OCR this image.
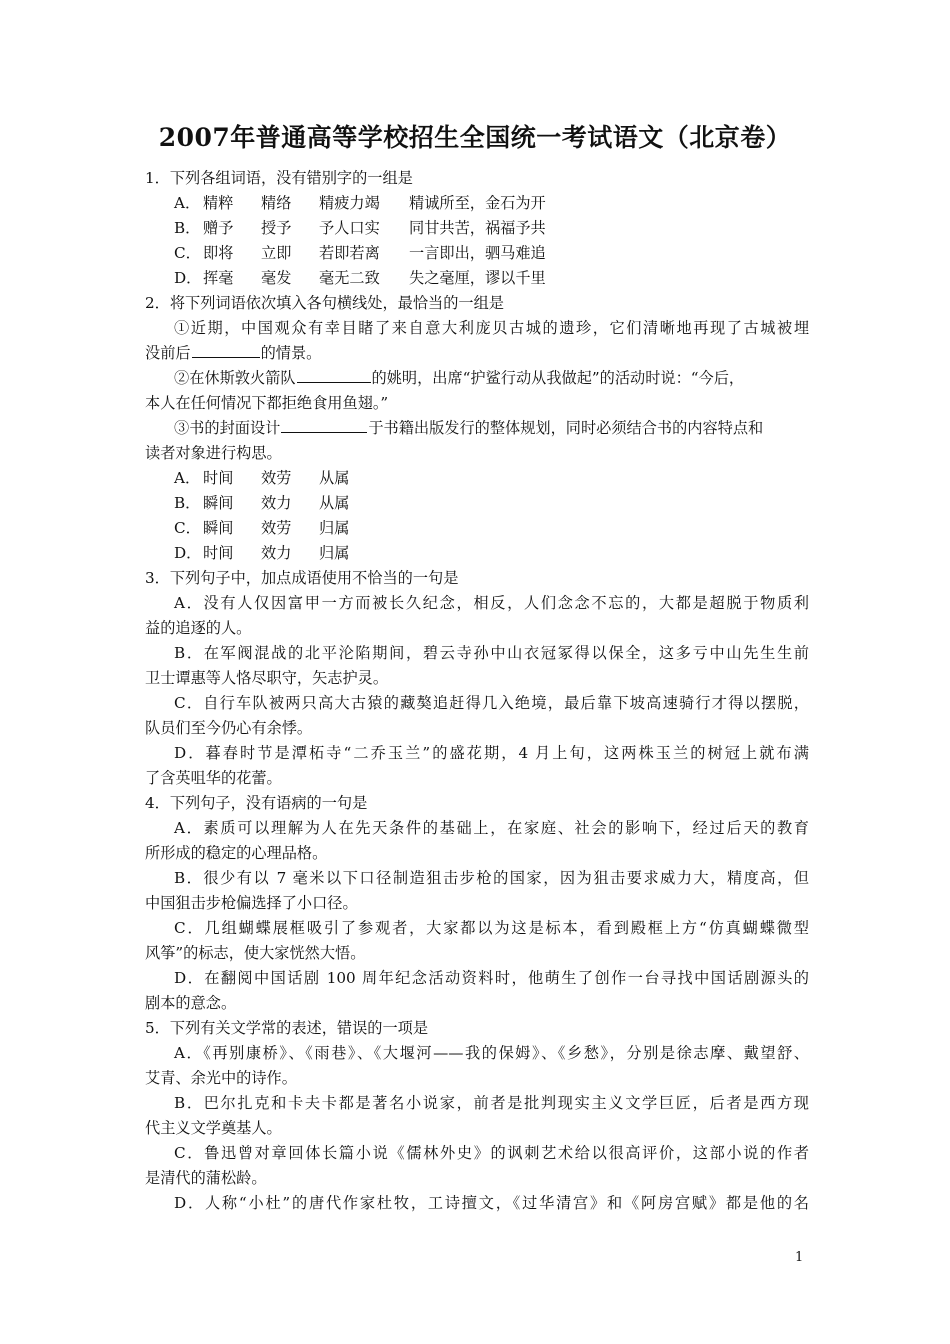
2007年普通高等学校招生全国统一考试语文（北京卷）
1．下列各组词语，没有错别字的一组是
A． 精粹 精络 精疲力竭 精诚所至，金石为开
B． 赠予 授予 予人口实 同甘共苦，祸福予共
C． 即将 立即 若即若离 一言即出，驷马难追
D． 挥毫 毫发 毫无二致 失之毫厘，谬以千里
2．将下列词语依次填入各句横线处，最恰当的一组是
①近期，中国观众有幸目睹了来自意大利庞贝古城的遗珍，它们清晰地再现了古城被埋
没前后	的情景。
②在休斯敦火箭队	的姚明，出席“护鲨行动从我做起”的活动时说：“今后，
本人在任何情况下都拒绝食用鱼翅。”
③书的封面设计	于书籍出版发行的整体规划，同时必须结合书的内容特点和
读者对象进行构思。
A． 时间 效劳 从属
B． 瞬间 效力 从属
C． 瞬间 效劳 归属
D． 时间 效力 归属
3．下列句子中，加点成语使用不恰当的一句是
A．没有人仅因富甲一方而被长久纪念，相反，人们念念不忘的，大都是超脱于物质利
益的追逐的人。
B．在军阀混战的北平沦陷期间，碧云寺孙中山衣冠冢得以保全，这多亏中山先生生前
卫士谭惠等人恪尽职守，矢志护灵。
C．自行车队被两只高大古猿的藏獒追赶得几入绝境，最后靠下坡高速骑行才得以摆脱，
队员们至今仍心有余悸。
D．暮春时节是潭柘寺“二乔玉兰”的盛花期，4 月上旬，这两株玉兰的树冠上就布满
了含英咀华的花蕾。
4．下列句子，没有语病的一句是
A．素质可以理解为人在先天条件的基础上，在家庭、社会的影响下，经过后天的教育
所形成的稳定的心理品格。
B．很少有以 7 毫米以下口径制造狙击步枪的国家，因为狙击要求威力大，精度高，但
中国狙击步枪偏选择了小口径。
C．几组蝴蝶展框吸引了参观者，大家都以为这是标本，看到殿框上方“仿真蝴蝶微型
风筝”的标志，使大家恍然大悟。
D．在翻阅中国话剧 100 周年纪念活动资料时，他萌生了创作一台寻找中国话剧源头的
剧本的意念。
5．下列有关文学常的表述，错误的一项是
A．《再别康桥》、《雨巷》、《大堰河——我的保姆》、《乡愁》，分别是徐志摩、戴望舒、
艾青、余光中的诗作。
B．巴尔扎克和卡夫卡都是著名小说家，前者是批判现实主义文学巨匠，后者是西方现
代主义文学奠基人。
C．鲁迅曾对章回体长篇小说《儒林外史》的讽刺艺术给以很高评价，这部小说的作者
是清代的蒲松龄。
D．人称“小杜”的唐代作家杜牧，工诗擅文，《过华清宫》和《阿房宫赋》都是他的名
1
